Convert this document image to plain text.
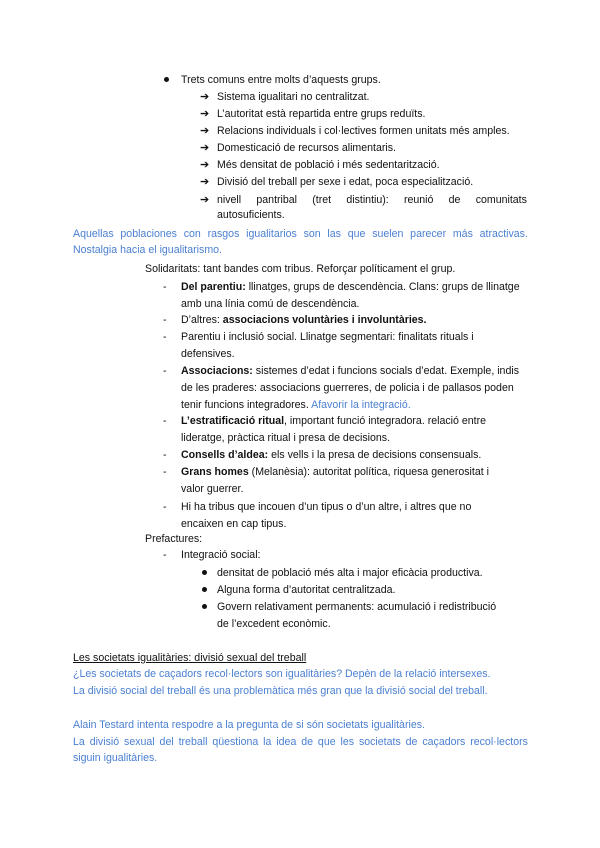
Trets comuns entre molts d’aquests grups.
➔ Sistema igualitari no centralitzat.
➔ L’autoritat està repartida entre grups reduïts.
➔ Relacions individuals i col·lectives formen unitats més amples.
➔ Domesticació de recursos alimentaris.
➔ Més densitat de població i més sedentarització.
➔ Divisió del treball per sexe i edat, poca especialització.
➔ nivell pantribal (tret distintiu): reunió de comunitats
autosuficients.
Aquellas poblaciones con rasgos igualitarios son las que suelen parecer más atractivas.
Nostalgia hacia el igualitarismo.
Solidaritats: tant bandes com tribus. Reforçar políticament el grup.
- Del parentiu: llinatges, grups de descendència. Clans: grups de llinatge
amb una línia comú de descendència.
- D’altres: associacions voluntàries i involuntàries.
- Parentiu i inclusió social. Llinatge segmentari: finalitats rituals i
defensives.
- Associacions: sistemes d’edat i funcions socials d’edat. Exemple, indis
de les praderes: associacions guerreres, de policia i de pallasos poden
tenir funcions integradores. Afavorir la integració.
- L’estratificació ritual, important funció integradora. relació entre
lideratge, pràctica ritual i presa de decisions.
- Consells d’aldea: els vells i la presa de decisions consensuals.
- Grans homes (Melanèsia): autoritat política, riquesa generositat i
valor guerrer.
- Hi ha tribus que incouen d’un tipus o d’un altre, i altres que no
encaixen en cap tipus.
Prefactures:
- Integració social:
densitat de població més alta i major eficàcia productiva.
Alguna forma d’autoritat centralitzada.
Govern relativament permanents: acumulació i redistribució
de l’excedent econòmic.
Les societats igualitàries: divisió sexual del treball
¿Les societats de caçadors recol·lectors son igualitàries? Depèn de la relació intersexes.
La divisió social del treball és una problemàtica més gran que la divisió social del treball.
Alain Testard intenta respodre a la pregunta de si són societats igualitàries.
La divisió sexual del treball qüestiona la idea de que les societats de caçadors recol·lectors
siguin igualitàries.
